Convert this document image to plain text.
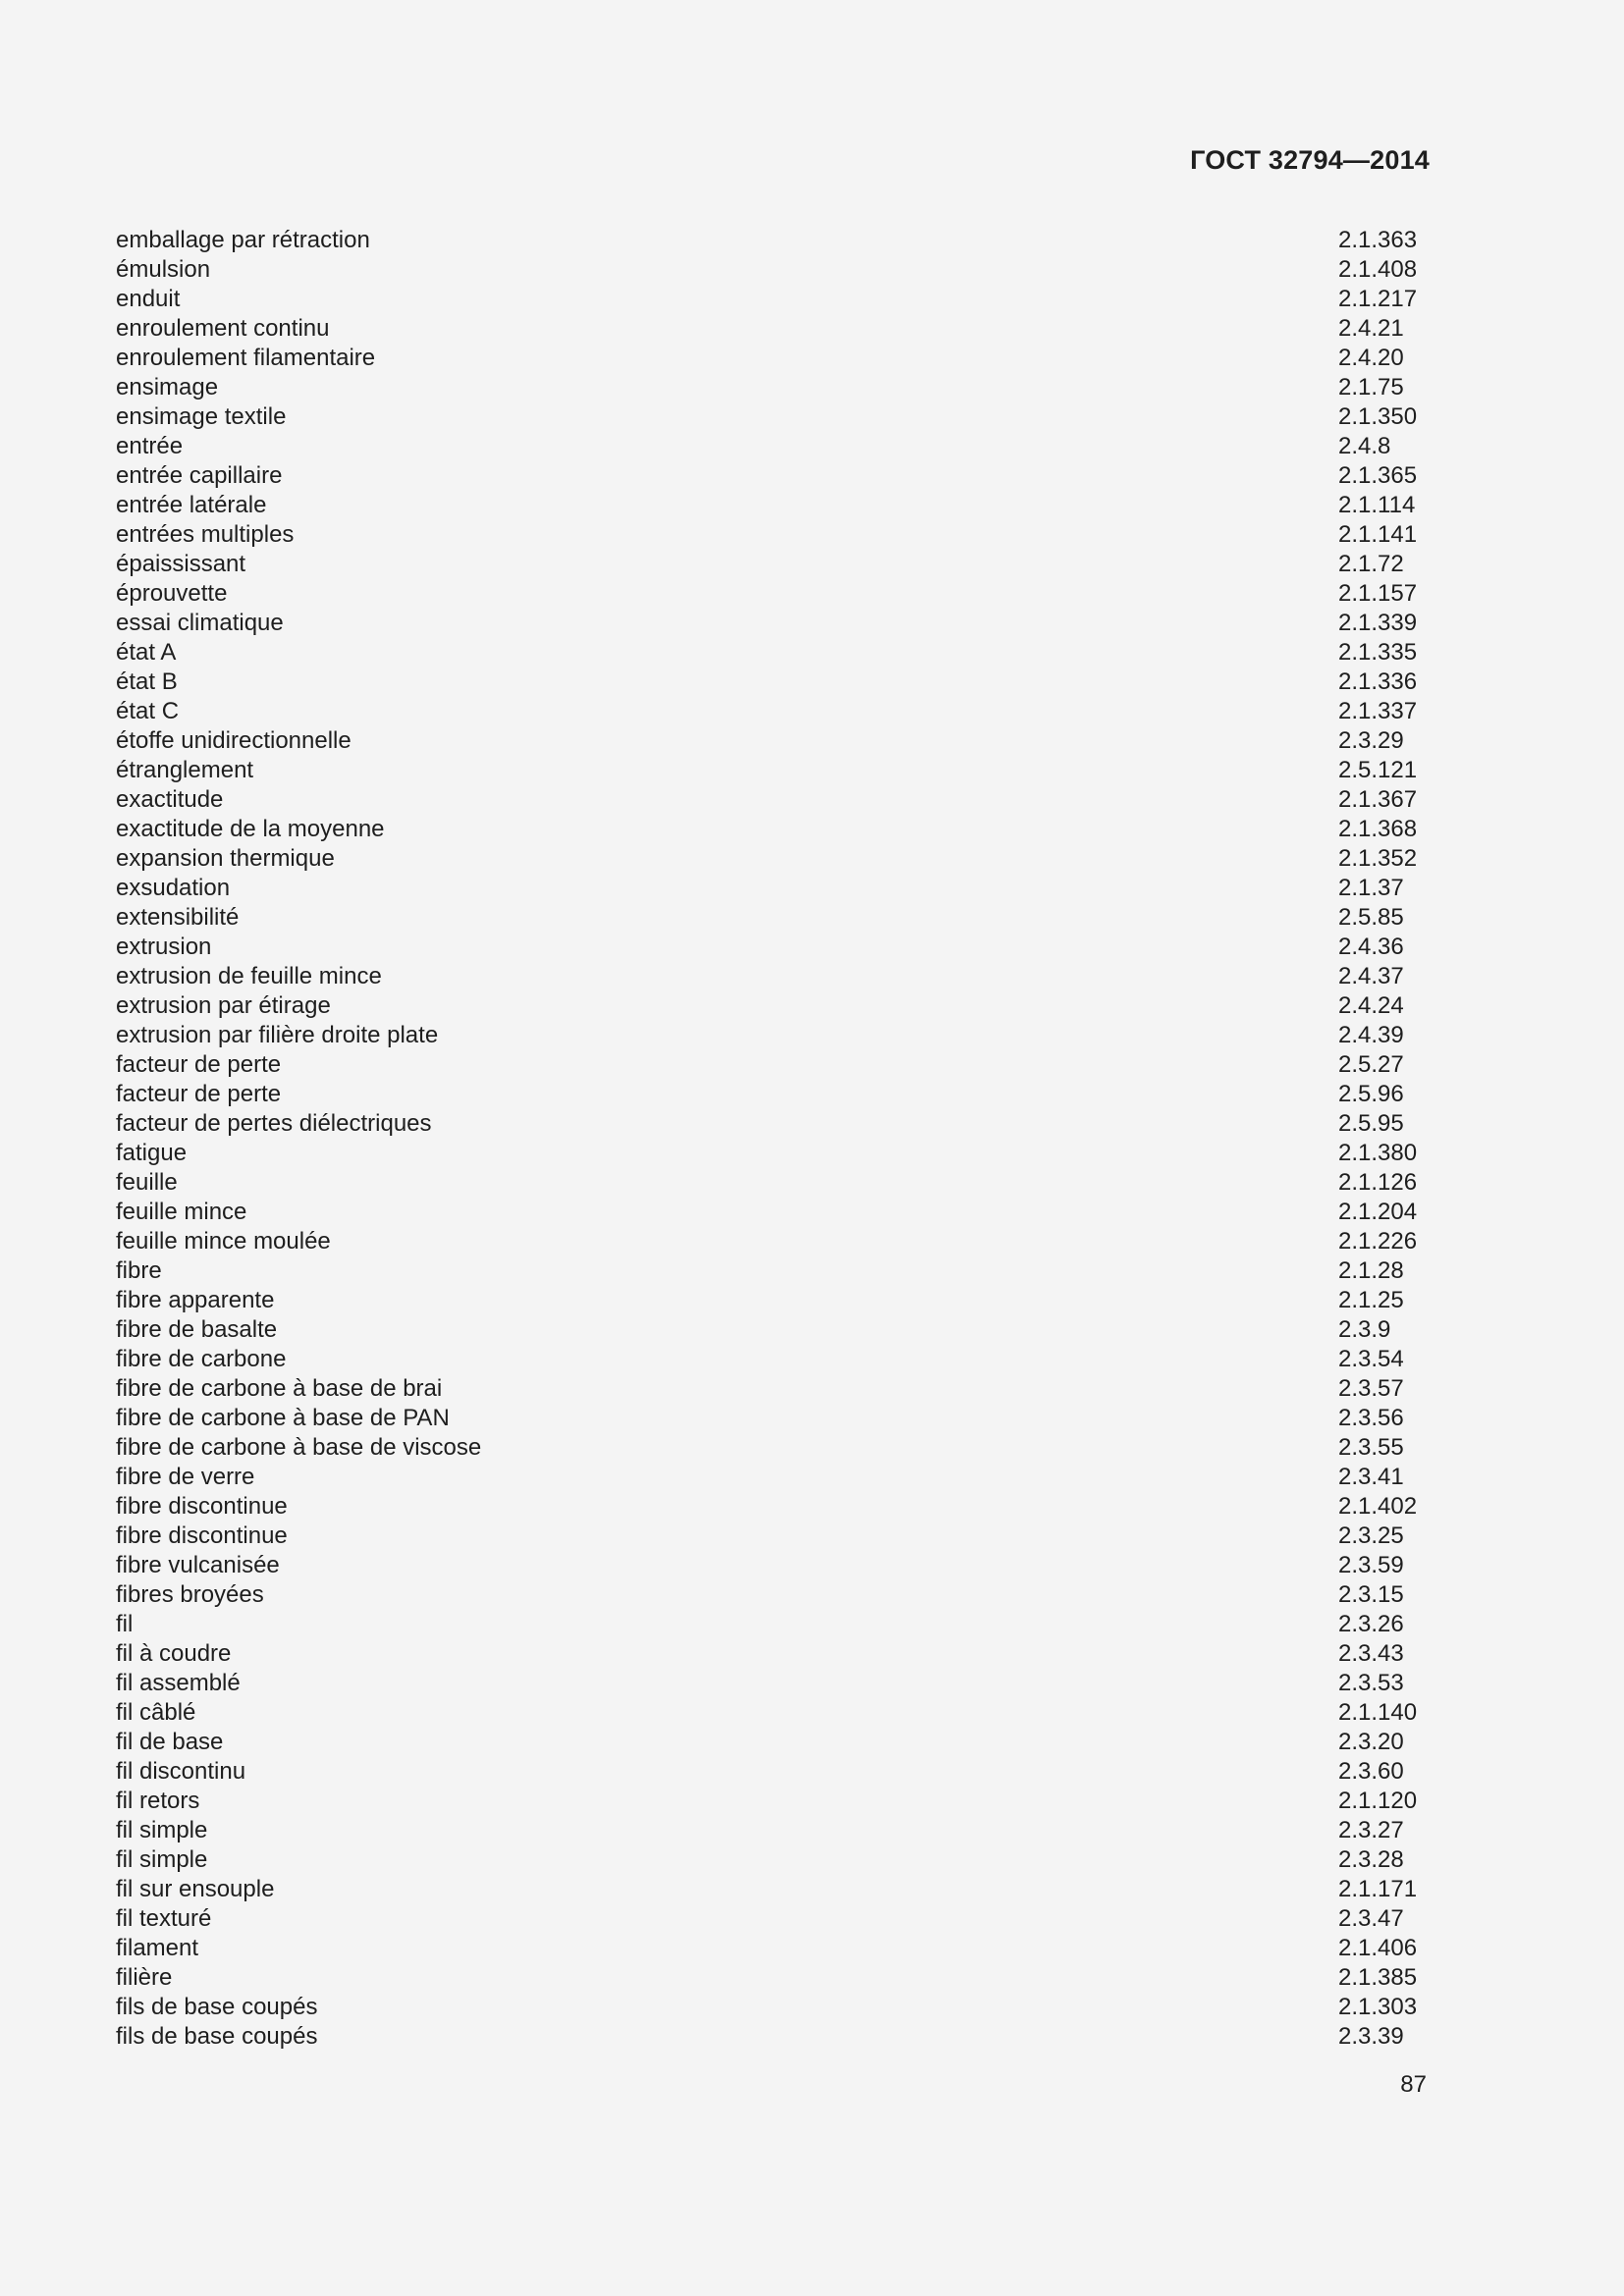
ГОСТ 32794—2014
emballage par rétraction	2.1.363
émulsion	2.1.408
enduit	2.1.217
enroulement continu	2.4.21
enroulement filamentaire	2.4.20
ensimage	2.1.75
ensimage textile	2.1.350
entrée	2.4.8
entrée capillaire	2.1.365
entrée latérale	2.1.114
entrées multiples	2.1.141
épaississant	2.1.72
éprouvette	2.1.157
essai climatique	2.1.339
état A	2.1.335
état B	2.1.336
état C	2.1.337
étoffe unidirectionnelle	2.3.29
étranglement	2.5.121
exactitude	2.1.367
exactitude de la moyenne	2.1.368
expansion thermique	2.1.352
exsudation	2.1.37
extensibilité	2.5.85
extrusion	2.4.36
extrusion de feuille mince	2.4.37
extrusion par étirage	2.4.24
extrusion par filière droite plate	2.4.39
facteur de perte	2.5.27
facteur de perte	2.5.96
facteur de pertes diélectriques	2.5.95
fatigue	2.1.380
feuille	2.1.126
feuille mince	2.1.204
feuille mince moulée	2.1.226
fibre	2.1.28
fibre apparente	2.1.25
fibre de basalte	2.3.9
fibre de carbone	2.3.54
fibre de carbone à base de brai	2.3.57
fibre de carbone à base de PAN	2.3.56
fibre de carbone à base de viscose	2.3.55
fibre de verre	2.3.41
fibre discontinue	2.1.402
fibre discontinue	2.3.25
fibre vulcanisée	2.3.59
fibres broyées	2.3.15
fil	2.3.26
fil à coudre	2.3.43
fil assemblé	2.3.53
fil câblé	2.1.140
fil de base	2.3.20
fil discontinu	2.3.60
fil retors	2.1.120
fil simple	2.3.27
fil simple	2.3.28
fil sur ensouple	2.1.171
fil texturé	2.3.47
filament	2.1.406
filière	2.1.385
fils de base coupés	2.1.303
fils de base coupés	2.3.39
87
